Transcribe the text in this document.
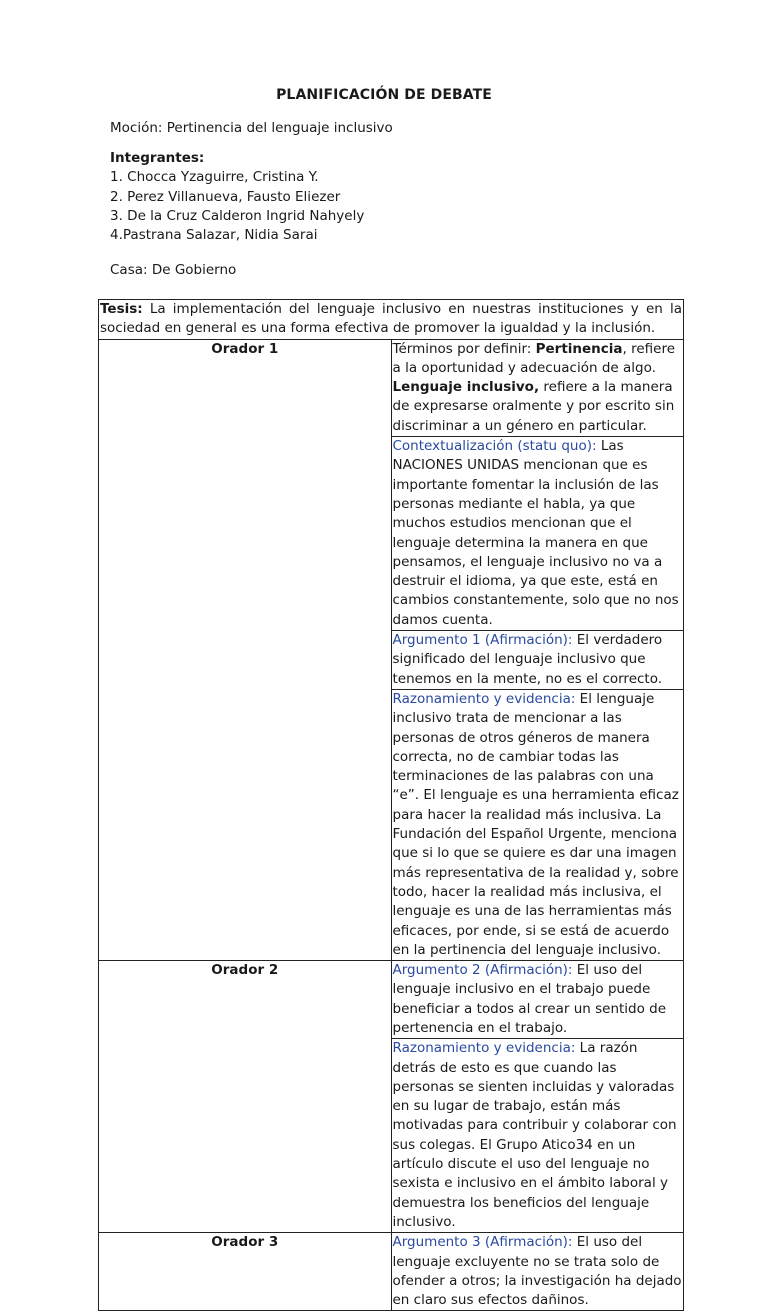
PLANIFICACIÓN DE DEBATE
Moción: Pertinencia del lenguaje inclusivo
Integrantes:
1. Chocca Yzaguirre, Cristina Y.
2. Perez Villanueva, Fausto Eliezer
3. De la Cruz Calderon Ingrid Nahyely
4.Pastrana Salazar, Nidia Sarai
Casa: De Gobierno
Tesis: La implementación del lenguaje inclusivo en nuestras instituciones y en la sociedad en general es una forma efectiva de promover la igualdad y la inclusión.	
Orador 1	Términos por definir: Pertinencia, refiere a la oportunidad y adecuación de algo. Lenguaje inclusivo, refiere a la manera de expresarse oralmente y por escrito sin discriminar a un género en particular.
	Contextualización (statu quo): Las NACIONES UNIDAS mencionan que es importante fomentar la inclusión de las personas mediante el habla, ya que muchos estudios mencionan que el lenguaje determina la manera en que pensamos, el lenguaje inclusivo no va a destruir el idioma, ya que este, está en cambios constantemente, solo que no nos damos cuenta.
	Argumento 1 (Afirmación): El verdadero significado del lenguaje inclusivo que tenemos en la mente, no es el correcto.
	Razonamiento y evidencia: El lenguaje inclusivo trata de mencionar a las personas de otros géneros de manera correcta, no de cambiar todas las terminaciones de las palabras con una “e”. El lenguaje es una herramienta eficaz para hacer la realidad más inclusiva. La Fundación del Español Urgente, menciona que si lo que se quiere es dar una imagen más representativa de la realidad y, sobre todo, hacer la realidad más inclusiva, el lenguaje es una de las herramientas más eficaces, por ende, si se está de acuerdo en la pertinencia del lenguaje inclusivo.
Orador 2	Argumento 2 (Afirmación): El uso del lenguaje inclusivo en el trabajo puede beneficiar a todos al crear un sentido de pertenencia en el trabajo.
	Razonamiento y evidencia: La razón detrás de esto es que cuando las personas se sienten incluidas y valoradas en su lugar de trabajo, están más motivadas para contribuir y colaborar con sus colegas. El Grupo Atico34 en un artículo discute el uso del lenguaje no sexista e inclusivo en el ámbito laboral y demuestra los beneficios del lenguaje inclusivo.
Orador 3	Argumento 3 (Afirmación): El uso del lenguaje excluyente no se trata solo de ofender a otros; la investigación ha dejado en claro sus efectos dañinos.
